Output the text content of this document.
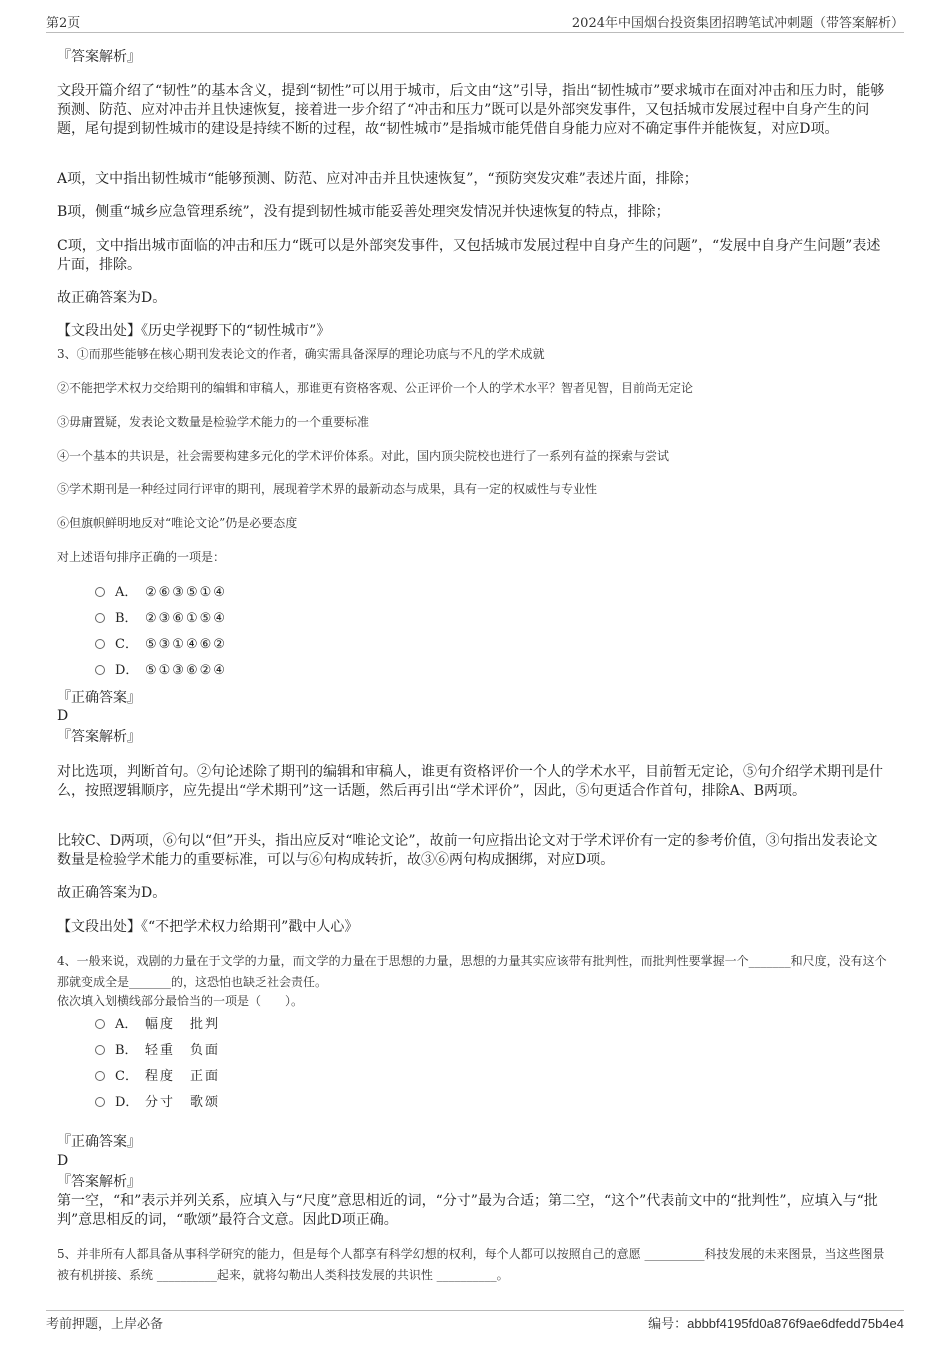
第2页	2024年中国烟台投资集团招聘笔试冲刺题（带答案解析）
『答案解析』

文段开篇介绍了“韧性”的基本含义，提到“韧性”可以用于城市，后文由“这”引导，指出“韧性城市”要求城市在面对冲击和压力时，能够预测、防范、应对冲击并且快速恢复，接着进一步介绍了“冲击和压力”既可以是外部突发事件，又包括城市发展过程中自身产生的问题，尾句提到韧性城市的建设是持续不断的过程，故“韧性城市”是指城市能凭借自身能力应对不确定事件并能恢复，对应D项。

A项，文中指出韧性城市“能够预测、防范、应对冲击并且快速恢复”，“预防突发灾难”表述片面，排除；

B项，侧重“城乡应急管理系统”，没有提到韧性城市能妥善处理突发情况并快速恢复的特点，排除；

C项，文中指出城市面临的冲击和压力“既可以是外部突发事件，又包括城市发展过程中自身产生的问题”，“发展中自身产生问题”表述片面，排除。

故正确答案为D。

【文段出处】《历史学视野下的“韧性城市”》

3、①而那些能够在核心期刊发表论文的作者，确实需具备深厚的理论功底与不凡的学术成就

②不能把学术权力交给期刊的编辑和审稿人，那谁更有资格客观、公正评价一个人的学术水平？智者见智，目前尚无定论

③毋庸置疑，发表论文数量是检验学术能力的一个重要标准

④一个基本的共识是，社会需要构建多元化的学术评价体系。对此，国内顶尖院校也进行了一系列有益的探索与尝试

⑤学术期刊是一种经过同行评审的期刊，展现着学术界的最新动态与成果，具有一定的权威性与专业性

⑥但旗帜鲜明地反对“唯论文论”仍是必要态度

对上述语句排序正确的一项是：

A． ②⑥③⑤①④
B． ②③⑥①⑤④
C． ⑤③①④⑥②
D． ⑤①③⑥②④
『正确答案』
D
『答案解析』

对比选项，判断首句。②句论述除了期刊的编辑和审稿人，谁更有资格评价一个人的学术水平，目前暂无定论，⑤句介绍学术期刊是什么，按照逻辑顺序，应先提出“学术期刊”这一话题，然后再引出“学术评价”，因此，⑤句更适合作首句，排除A、B两项。

比较C、D两项，⑥句以“但”开头，指出应反对“唯论文论”，故前一句应指出论文对于学术评价有一定的参考价值，③句指出发表论文数量是检验学术能力的重要标准，可以与⑥句构成转折，故③⑥两句构成捆绑，对应D项。

故正确答案为D。

【文段出处】《“不把学术权力给期刊”戳中人心》

4、一般来说，戏剧的力量在于文学的力量，而文学的力量在于思想的力量，思想的力量其实应该带有批判性，而批判性要掌握一个_______和尺度，没有这个那就变成全是_______的，这恐怕也缺乏社会责任。

依次填入划横线部分最恰当的一项是（　　）。

A． 幅度　批判
B． 轻重　负面
C． 程度　正面
D． 分寸　歌颂
『正确答案』
D
『答案解析』

第一空，“和”表示并列关系，应填入与“尺度”意思相近的词，“分寸”最为合适；第二空，“这个”代表前文中的“批判性”，应填入与“批判”意思相反的词，“歌颂”最符合文意。因此D项正确。

5、并非所有人都具备从事科学研究的能力，但是每个人都享有科学幻想的权利，每个人都可以按照自己的意愿 __________科技发展的未来图景，当这些图景被有机拼接、系统 __________起来，就将勾勒出人类科技发展的共识性 __________。

考前押题，上岸必备	编号：abbbf4195fd0a876f9ae6dfedd75b4e4
